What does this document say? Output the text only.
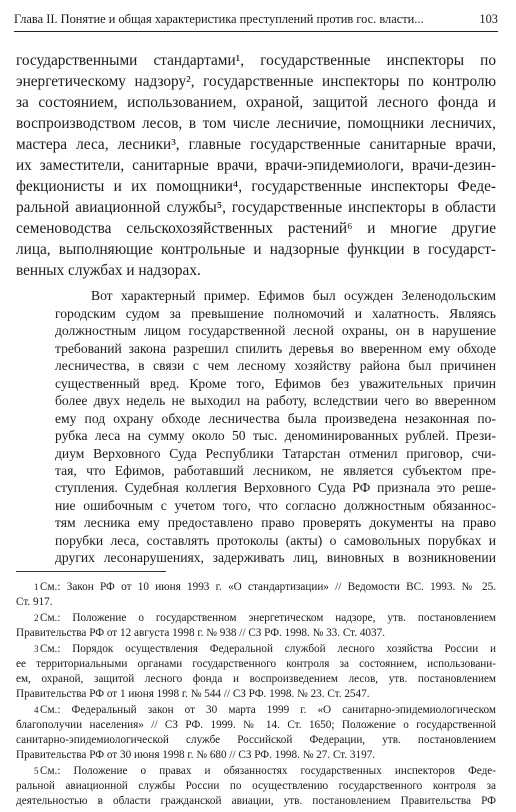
Глава II. Понятие и общая характеристика преступлений против гос. власти...	103

государственными стандартами¹, государственные инспекторы по

энергетическому надзору², государственные инспекторы по контролю

за состоянием, использованием, охраной, защитой лесного фонда и

воспроизводством лесов, в том числе лесничие, помощники лесничих,

мастера леса, лесники³, главные государственные санитарные врачи,

их заместители, санитарные врачи, врачи-эпидемиологи, врачи-дезин-

фекционисты и их помощники⁴, государственные инспекторы Феде-

ральной авиационной службы⁵, государственные инспекторы в области

семеноводства сельскохозяйственных растений⁶ и многие другие

лица, выполняющие контрольные и надзорные функции в государст-

венных службах и надзорах.

Вот характерный пример. Ефимов был осужден Зеленодольским

городским судом за превышение полномочий и халатность. Являясь

должностным лицом государственной лесной охраны, он в нарушение

требований закона разрешил спилить деревья во вверенном ему обходе

лесничества, в связи с чем лесному хозяйству района был причинен

существенный вред. Кроме того, Ефимов без уважительных причин

более двух недель не выходил на работу, вследствии чего во вверенном

ему под охрану обходе лесничества была произведена незаконная по-

рубка леса на сумму около 50 тыс. деноминированных рублей. Прези-

диум Верховного Суда Республики Татарстан отменил приговор, счи-

тая, что Ефимов, работавший лесником, не является субъектом пре-

ступления. Судебная коллегия Верховного Суда РФ признала это реше-

ние ошибочным с учетом того, что согласно должностным обязаннос-

тям лесника ему предоставлено право проверять документы на право

порубки леса, составлять протоколы (акты) о самовольных порубках и

других лесонарушениях, задерживать лиц, виновных в возникновении

1 См.: Закон РФ от 10 июня 1993 г. «О стандартизации» // Ведомости ВС. 1993. № 25.

Ст. 917.

2 См.: Положение о государственном энергетическом надзоре, утв. постановлением

Правительства РФ от 12 августа 1998 г. № 938 // СЗ РФ. 1998. № 33. Ст. 4037.

3 См.: Порядок осуществления Федеральной службой лесного хозяйства России и

ее территориальными органами государственного контроля за состоянием, использовани-

ем, охраной, защитой лесного фонда и воспроизведением лесов, утв. постановлением

Правительства РФ от 1 июня 1998 г. № 544 // СЗ РФ. 1998. № 23. Ст. 2547.

4 См.: Федеральный закон от 30 марта 1999 г. «О санитарно-эпидемиологическом

благополучии населения» // СЗ РФ. 1999. № 14. Ст. 1650; Положение о государственной

санитарно-эпидемиологической службе Российской Федерации, утв. постановлением

Правительства РФ от 30 июня 1998 г. № 680 // СЗ РФ. 1998. № 27. Ст. 3197.

5 См.: Положение о правах и обязанностях государственных инспекторов Феде-

ральной авиационной службы России по осуществлению государственного контроля за

деятельностью в области гражданской авиации, утв. постановлением Правительства РФ
